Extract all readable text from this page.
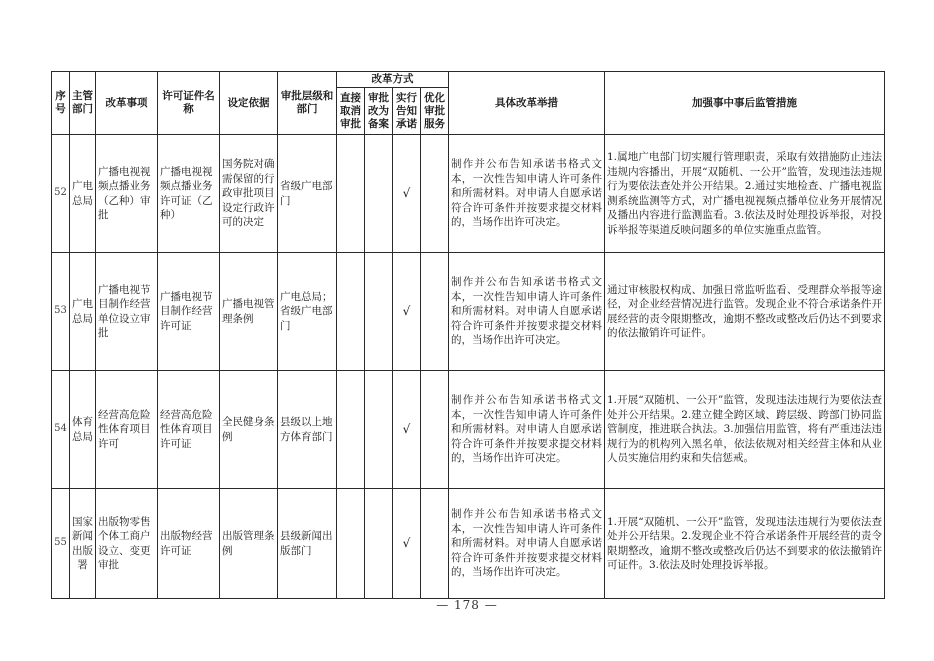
序号	主管部门	改革事项	许可证件名称	设定依据	审批层级和部门	改革方式				具体改革举措	加强事中事后监管措施
						直接取消审批	审批改为备案	实行告知承诺	优化审批服务		
52	广电总局	广播电视视频点播业务（乙种）审批	广播电视视频点播业务许可证（乙种）	国务院对确需保留的行政审批项目设定行政许可的决定	省级广电部门			√		制作并公布告知承诺书格式文本，一次性告知申请人许可条件和所需材料。对申请人自愿承诺符合许可条件并按要求提交材料的，当场作出许可决定。	1.属地广电部门切实履行管理职责，采取有效措施防止违法违规内容播出，开展“双随机、一公开”监管，发现违法违规行为要依法查处并公开结果。2.通过实地检查、广播电视监测系统监测等方式，对广播电视视频点播单位业务开展情况及播出内容进行监测监看。3.依法及时处理投诉举报，对投诉举报等渠道反映问题多的单位实施重点监管。
53	广电总局	广播电视节目制作经营单位设立审批	广播电视节目制作经营许可证	广播电视管理条例	广电总局；省级广电部门			√		制作并公布告知承诺书格式文本，一次性告知申请人许可条件和所需材料。对申请人自愿承诺符合许可条件并按要求提交材料的，当场作出许可决定。	通过审核股权构成、加强日常监听监看、受理群众举报等途径，对企业经营情况进行监管。发现企业不符合承诺条件开展经营的责令限期整改，逾期不整改或整改后仍达不到要求的依法撤销许可证件。
54	体育总局	经营高危险性体育项目许可	经营高危险性体育项目许可证	全民健身条例	县级以上地方体育部门			√		制作并公布告知承诺书格式文本，一次性告知申请人许可条件和所需材料。对申请人自愿承诺符合许可条件并按要求提交材料的，当场作出许可决定。	1.开展“双随机、一公开”监管，发现违法违规行为要依法查处并公开结果。2.建立健全跨区域、跨层级、跨部门协同监管制度，推进联合执法。3.加强信用监管，将有严重违法违规行为的机构列入黑名单，依法依规对相关经营主体和从业人员实施信用约束和失信惩戒。
55	国家新闻出版署	出版物零售个体工商户设立、变更审批	出版物经营许可证	出版管理条例	县级新闻出版部门			√		制作并公布告知承诺书格式文本，一次性告知申请人许可条件和所需材料。对申请人自愿承诺符合许可条件并按要求提交材料的，当场作出许可决定。	1.开展“双随机、一公开”监管，发现违法违规行为要依法查处并公开结果。2.发现企业不符合承诺条件开展经营的责令限期整改，逾期不整改或整改后仍达不到要求的依法撤销许可证件。3.依法及时处理投诉举报。
— 178 —
